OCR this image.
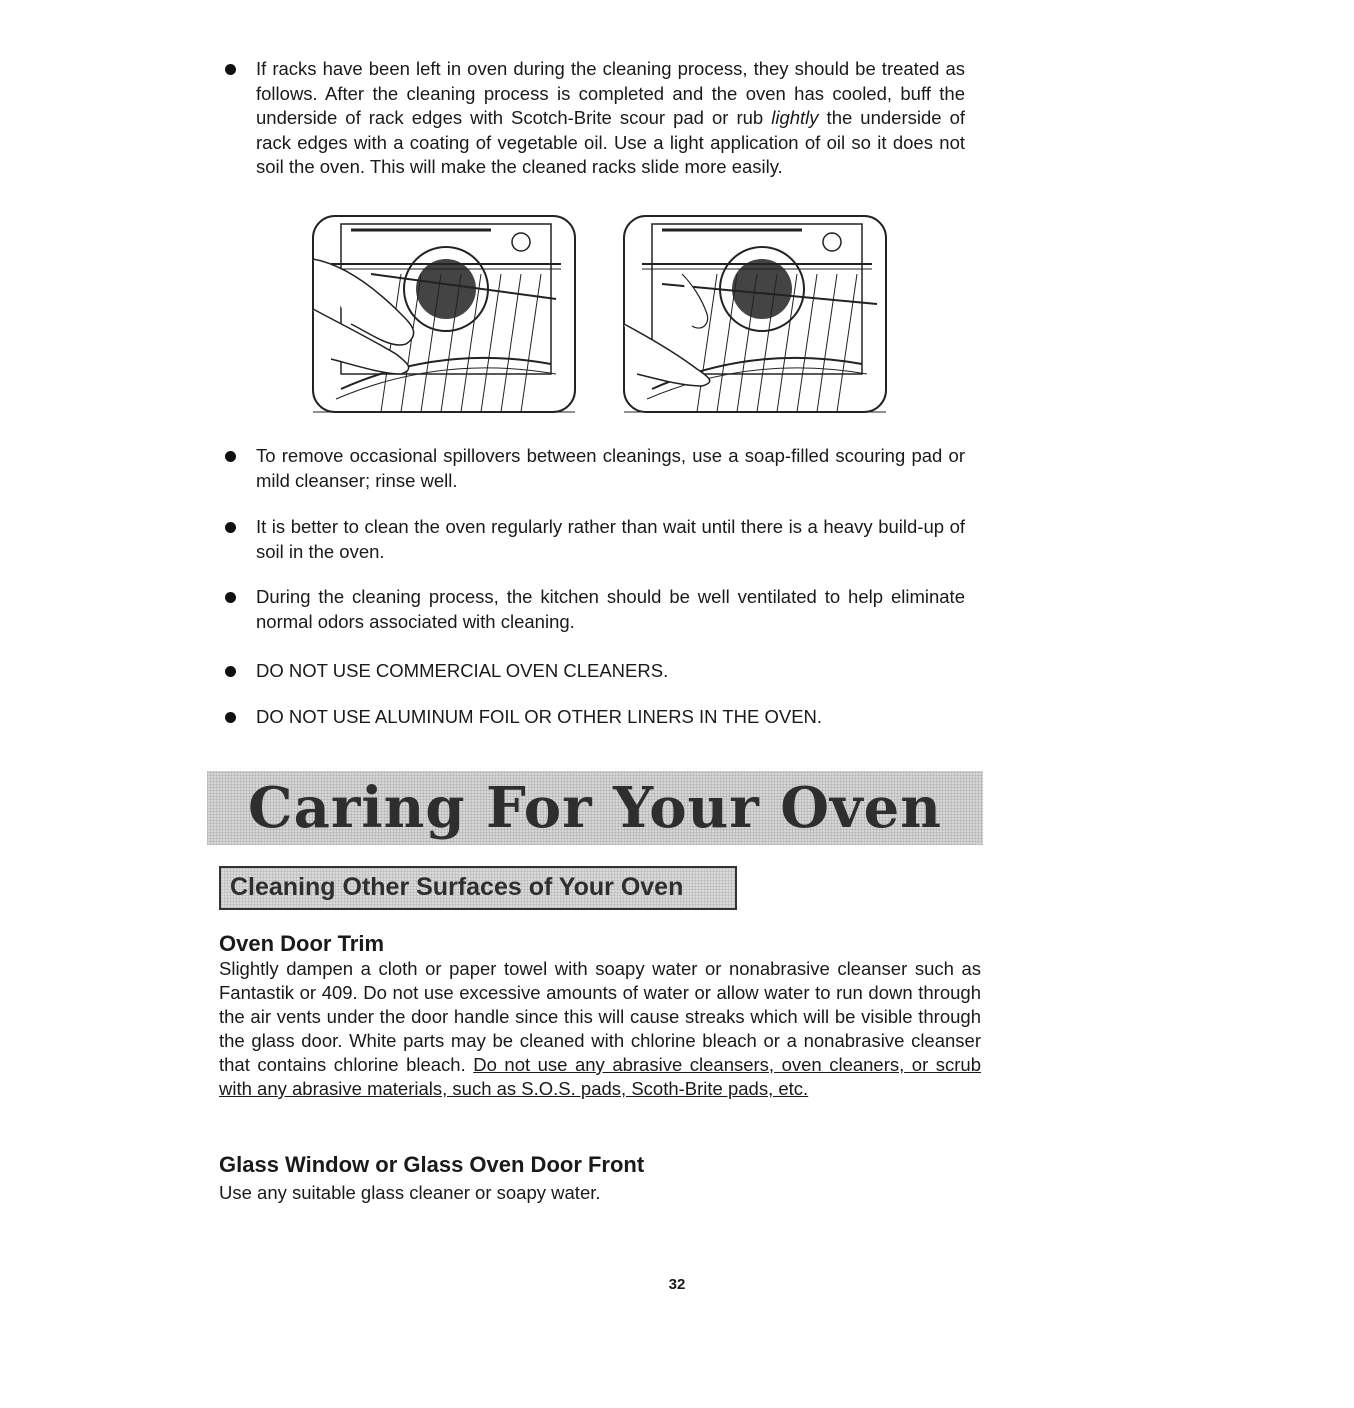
If racks have been left in oven during the cleaning process, they should be treated as follows. After the cleaning process is completed and the oven has cooled, buff the underside of rack edges with Scotch-Brite scour pad or rub lightly the underside of rack edges with a coating of vegetable oil. Use a light application of oil so it does not soil the oven. This will make the cleaned racks slide more easily.
To remove occasional spillovers between cleanings, use a soap-filled scouring pad or mild cleanser; rinse well.
It is better to clean the oven regularly rather than wait until there is a heavy build-up of soil in the oven.
During the cleaning process, the kitchen should be well ventilated to help eliminate normal odors associated with cleaning.
DO NOT USE COMMERCIAL OVEN CLEANERS.
DO NOT USE ALUMINUM FOIL OR OTHER LINERS IN THE OVEN.
Caring For Your Oven
Cleaning Other Surfaces of Your Oven
Oven Door Trim
Slightly dampen a cloth or paper towel with soapy water or nonabrasive cleanser such as Fantastik or 409. Do not use excessive amounts of water or allow water to run down through the air vents under the door handle since this will cause streaks which will be visible through the glass door. White parts may be cleaned with chlorine bleach or a nonabrasive cleanser that contains chlorine bleach. Do not use any abrasive cleansers, oven cleaners, or scrub with any abrasive materials, such as S.O.S. pads, Scoth-Brite pads, etc.
Glass Window or Glass Oven Door Front
Use any suitable glass cleaner or soapy water.
32
